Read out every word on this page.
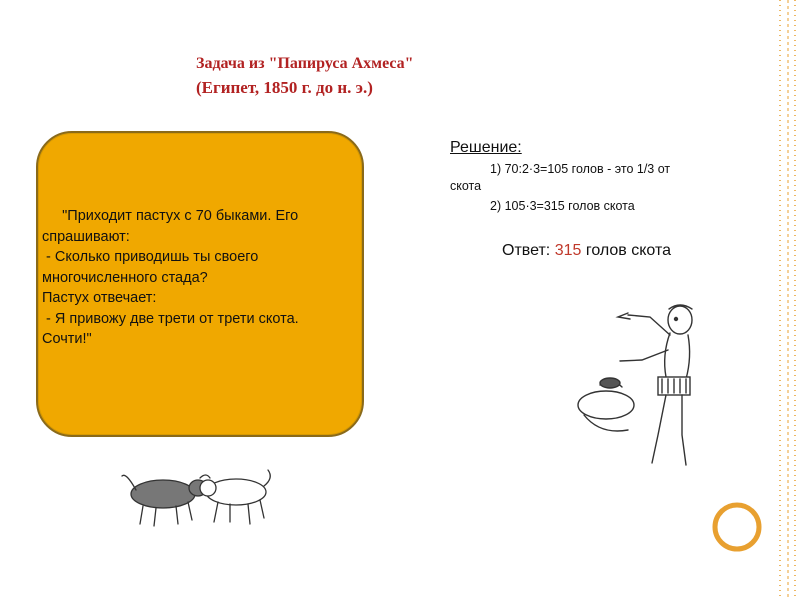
Задача из "Папируса Ахмеса"
(Египет, 1850 г. до н. э.)
"Приходит пастух с 70 быками. Его
спрашивают:
- Сколько приводишь ты своего
многочисленного стада?
Пастух отвечает:
- Я привожу две трети от трети скота.
Сочти!"
Решение:
1) 70:2·3=105 голов - это 1/3 от
скота
2) 105·3=315 голов скота
Ответ: 315 голов скота
